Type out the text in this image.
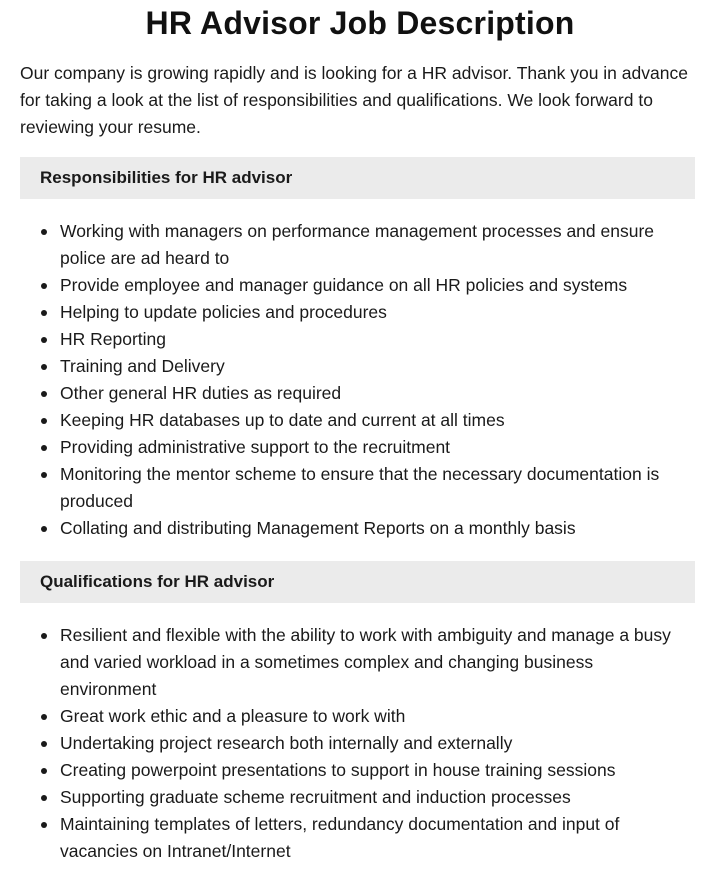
HR Advisor Job Description

Our company is growing rapidly and is looking for a HR advisor. Thank you in advance for taking a look at the list of responsibilities and qualifications. We look forward to reviewing your resume.

Responsibilities for HR advisor
Working with managers on performance management processes and ensure police are ad heard to
Provide employee and manager guidance on all HR policies and systems
Helping to update policies and procedures
HR Reporting
Training and Delivery
Other general HR duties as required
Keeping HR databases up to date and current at all times
Providing administrative support to the recruitment
Monitoring the mentor scheme to ensure that the necessary documentation is produced
Collating and distributing Management Reports on a monthly basis
Qualifications for HR advisor
Resilient and flexible with the ability to work with ambiguity and manage a busy and varied workload in a sometimes complex and changing business environment
Great work ethic and a pleasure to work with
Undertaking project research both internally and externally
Creating powerpoint presentations to support in house training sessions
Supporting graduate scheme recruitment and induction processes
Maintaining templates of letters, redundancy documentation and input of vacancies on Intranet/Internet
